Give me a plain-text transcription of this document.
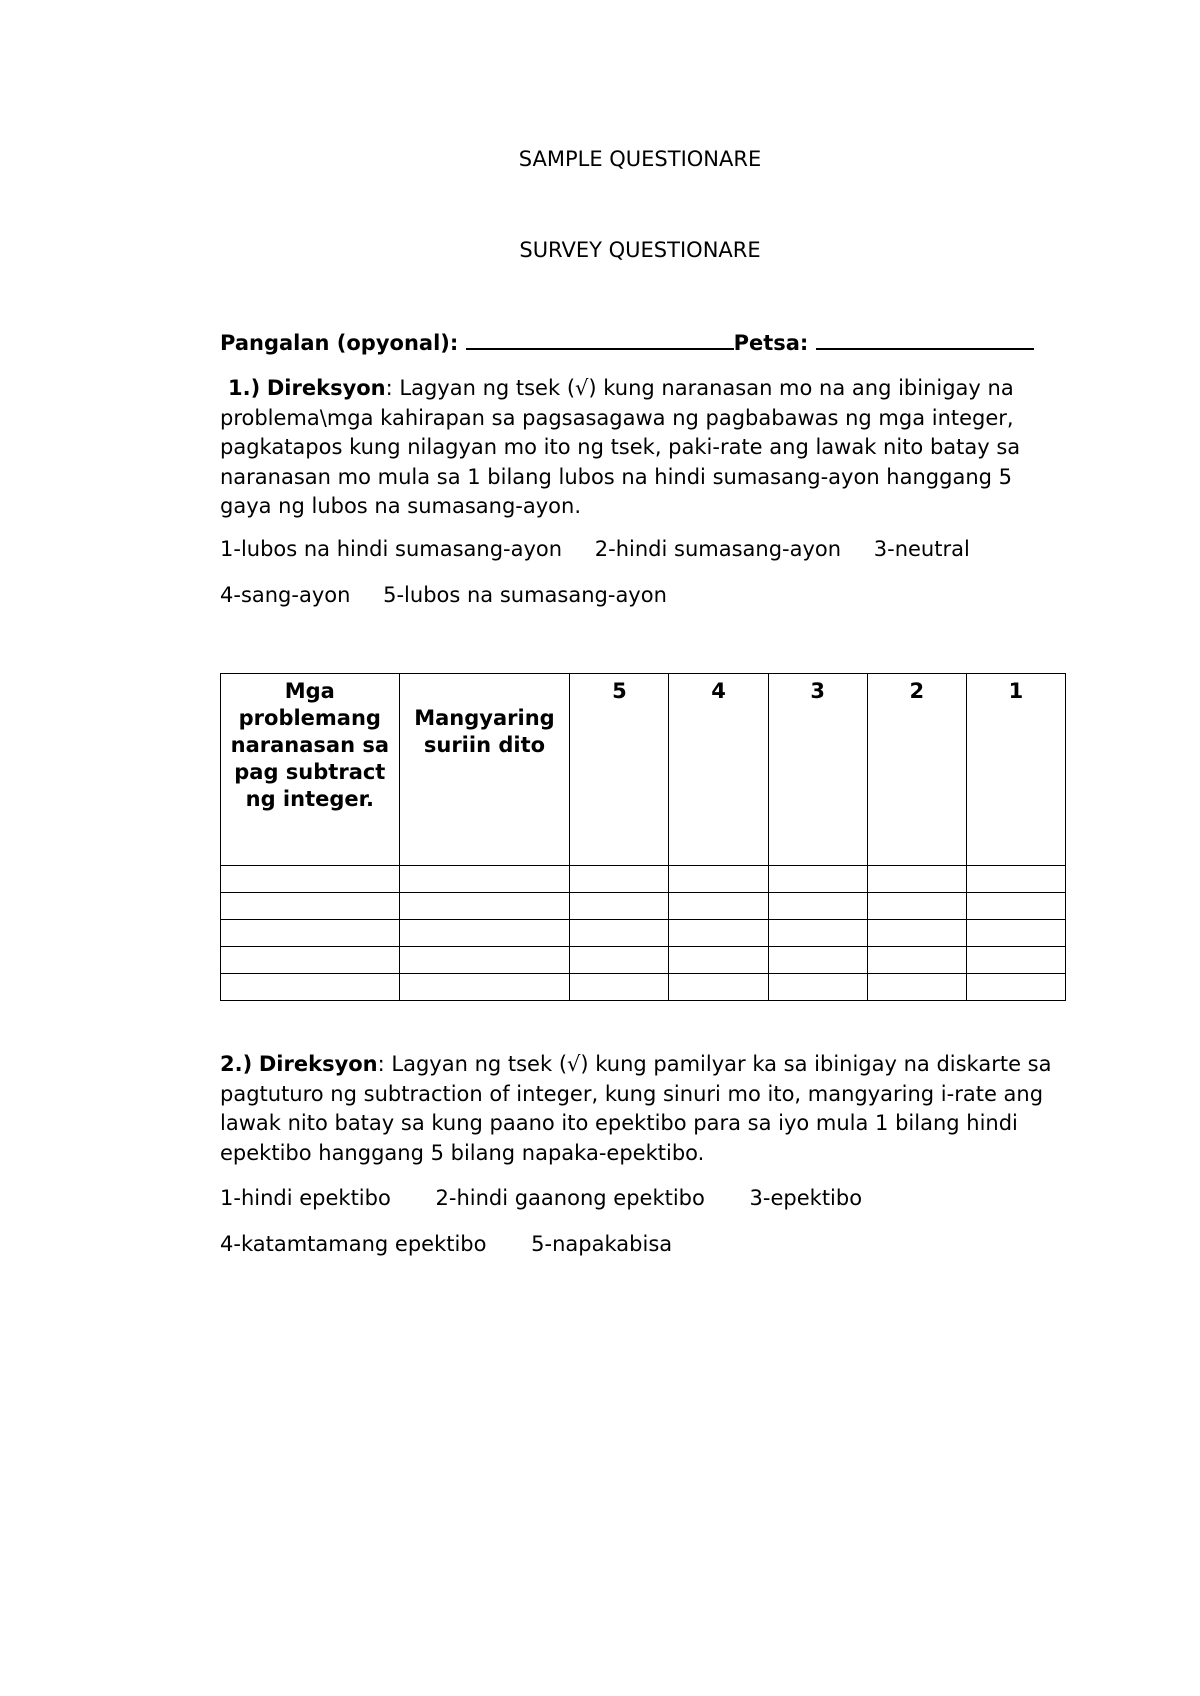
SAMPLE QUESTIONARE
SURVEY QUESTIONARE
Pangalan (opyonal):	Petsa:
1.) Direksyon: Lagyan ng tsek (√) kung naranasan mo na ang ibinigay na problema\mga kahirapan sa pagsasagawa ng pagbabawas ng mga integer, pagkatapos kung nilagyan mo ito ng tsek, paki-rate ang lawak nito batay sa naranasan mo mula sa 1 bilang lubos na hindi sumasang-ayon hanggang 5 gaya ng lubos na sumasang-ayon.
1-lubos na hindi sumasang-ayon 2-hindi sumasang-ayon 3-neutral
4-sang-ayon 5-lubos na sumasang-ayon
Mga problemang naranasan sa pag subtract ng integer.	Mangyaring suriin dito	5	4	3	2	1

2.) Direksyon: Lagyan ng tsek (√) kung pamilyar ka sa ibinigay na diskarte sa pagtuturo ng subtraction of integer, kung sinuri mo ito, mangyaring i-rate ang lawak nito batay sa kung paano ito epektibo para sa iyo mula 1 bilang hindi epektibo hanggang 5 bilang napaka-epektibo.
1-hindi epektibo 2-hindi gaanong epektibo 3-epektibo
4-katamtamang epektibo 5-napakabisa
